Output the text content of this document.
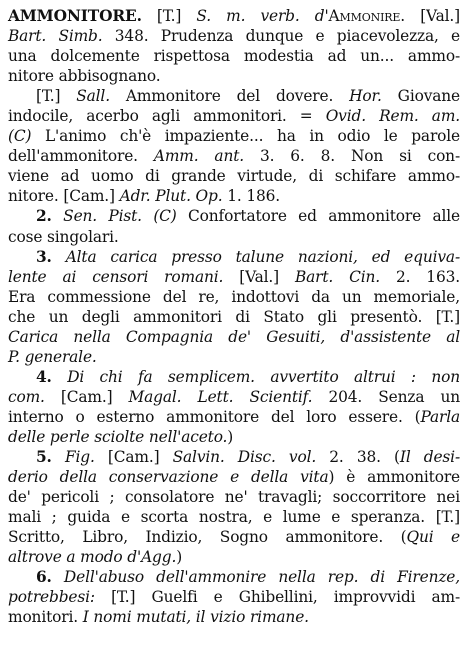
AMMONITORE. [T.] S. m. verb. d'Ammonire. [Val.]
Bart. Simb. 348. Prudenza dunque e piacevolezza, e
una dolcemente rispettosa modestia ad un... ammo-
nitore abbisognano.

[T.] Sall. Ammonitore del dovere. Hor. Giovane
indocile, acerbo agli ammonitori. = Ovid. Rem. am.
(C) L'animo ch'è impaziente... ha in odio le parole
dell'ammonitore. Amm. ant. 3. 6. 8. Non si con-
viene ad uomo di grande virtude, di schifare ammo-
nitore. [Cam.] Adr. Plut. Op. 1. 186.

2. Sen. Pist. (C) Confortatore ed ammonitore alle
cose singolari.

3. Alta carica presso talune nazioni, ed equiva-
lente ai censori romani. [Val.] Bart. Cin. 2. 163.
Era commessione del re, indottovi da un memoriale,
che un degli ammonitori di Stato gli presentò. [T.]
Carica nella Compagnia de' Gesuiti, d'assistente al
P. generale.

4. Di chi fa semplicem. avvertito altrui : non
com. [Cam.] Magal. Lett. Scientif. 204. Senza un
interno o esterno ammonitore del loro essere. (Parla
delle perle sciolte nell'aceto.)

5. Fig. [Cam.] Salvin. Disc. vol. 2. 38. (Il desi-
derio della conservazione e della vita) è ammonitore
de' pericoli ; consolatore ne' travagli; soccorritore nei
mali ; guida e scorta nostra, e lume e speranza. [T.]
Scritto, Libro, Indizio, Sogno ammonitore. (Qui e
altrove a modo d'Agg.)

6. Dell'abuso dell'ammonire nella rep. di Firenze,
potrebbesi: [T.] Guelfi e Ghibellini, improvvidi am-
monitori. I nomi mutati, il vizio rimane.
